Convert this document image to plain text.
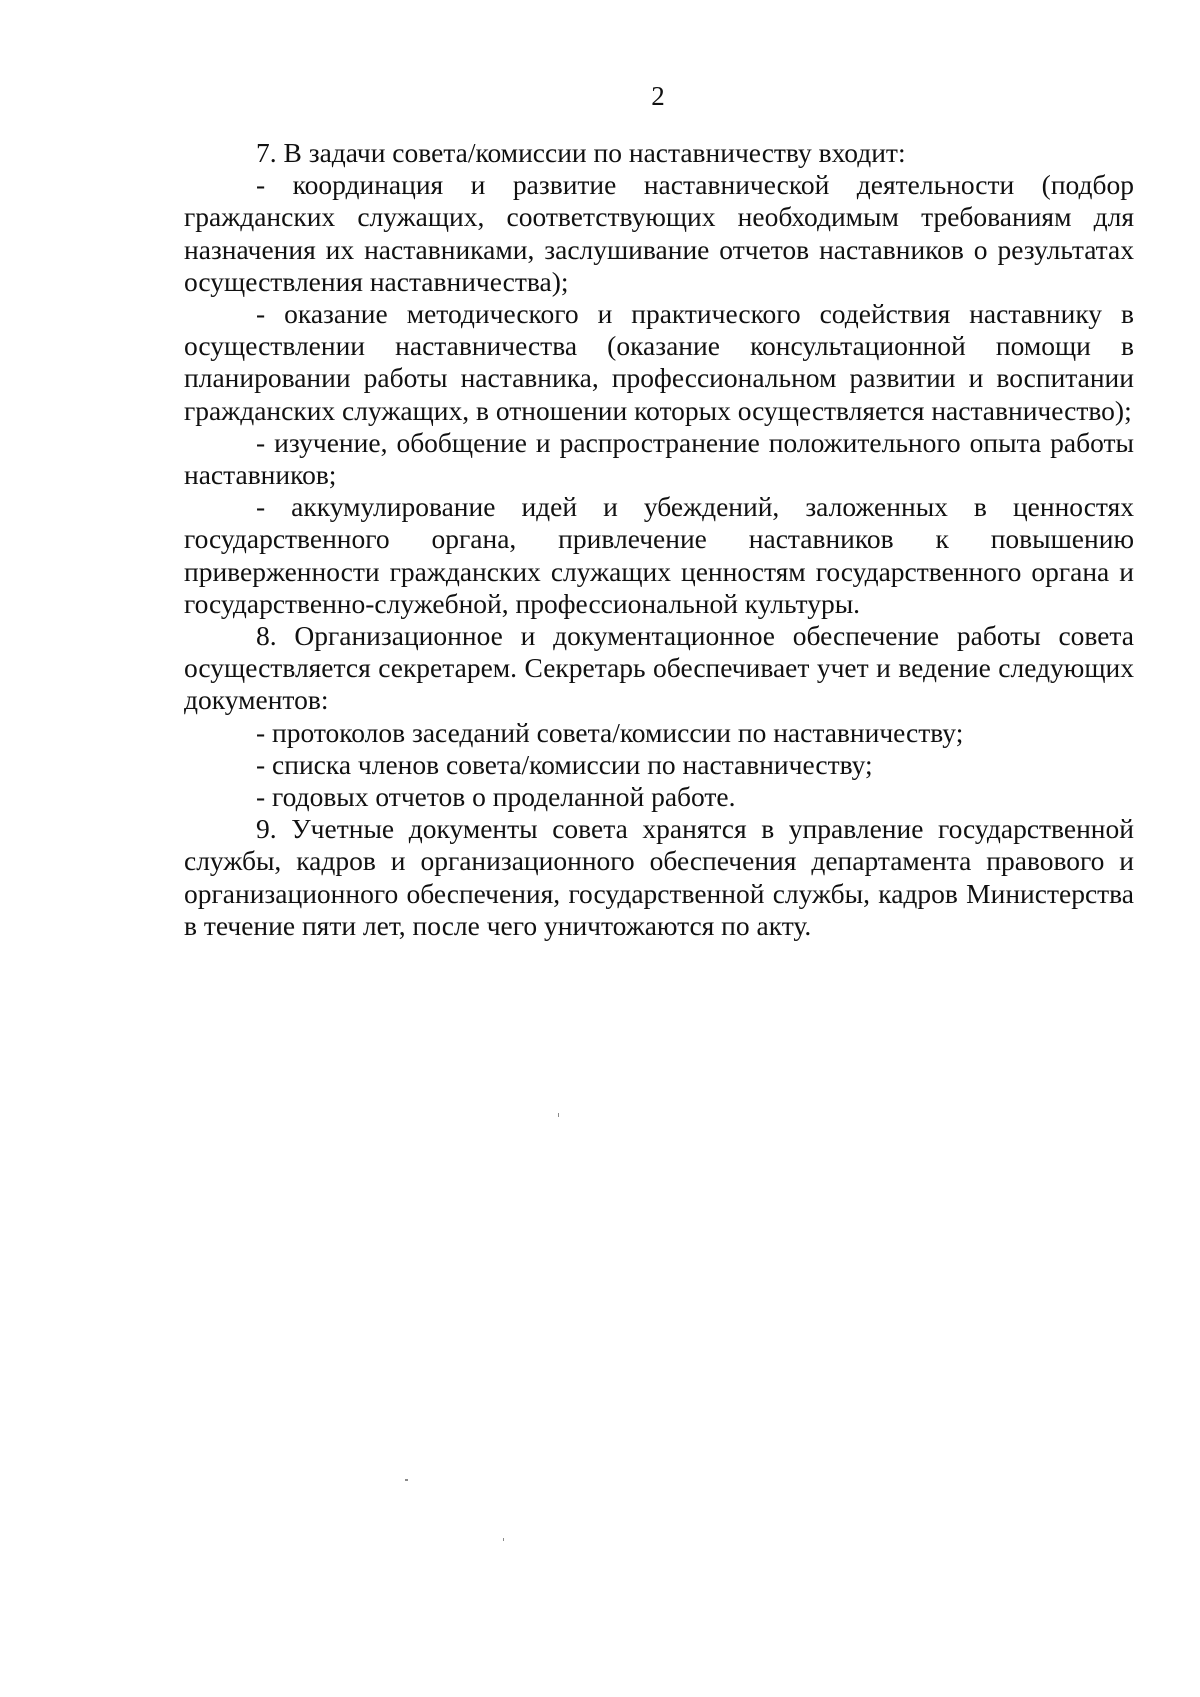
2

7. В задачи совета/комиссии по наставничеству входит:

- координация и развитие наставнической деятельности (подбор гражданских служащих, соответствующих необходимым требованиям для назначения их наставниками, заслушивание отчетов наставников о результатах осуществления наставничества);

- оказание методического и практического содействия наставнику в осуществлении наставничества (оказание консультационной помощи в планировании работы наставника, профессиональном развитии и воспитании гражданских служащих, в отношении которых осуществляется наставничество);

- изучение, обобщение и распространение положительного опыта работы наставников;

- аккумулирование идей и убеждений, заложенных в ценностях государственного органа, привлечение наставников к повышению приверженности гражданских служащих ценностям государственного органа и государственно-служебной, профессиональной культуры.

8. Организационное и документационное обеспечение работы совета осуществляется секретарем. Секретарь обеспечивает учет и ведение следующих документов:

- протоколов заседаний совета/комиссии по наставничеству;

- списка членов совета/комиссии по наставничеству;

- годовых отчетов о проделанной работе.

9. Учетные документы совета хранятся в управление государственной службы, кадров и организационного обеспечения департамента правового и организационного обеспечения, государственной службы, кадров Министерства в течение пяти лет, после чего уничтожаются по акту.
